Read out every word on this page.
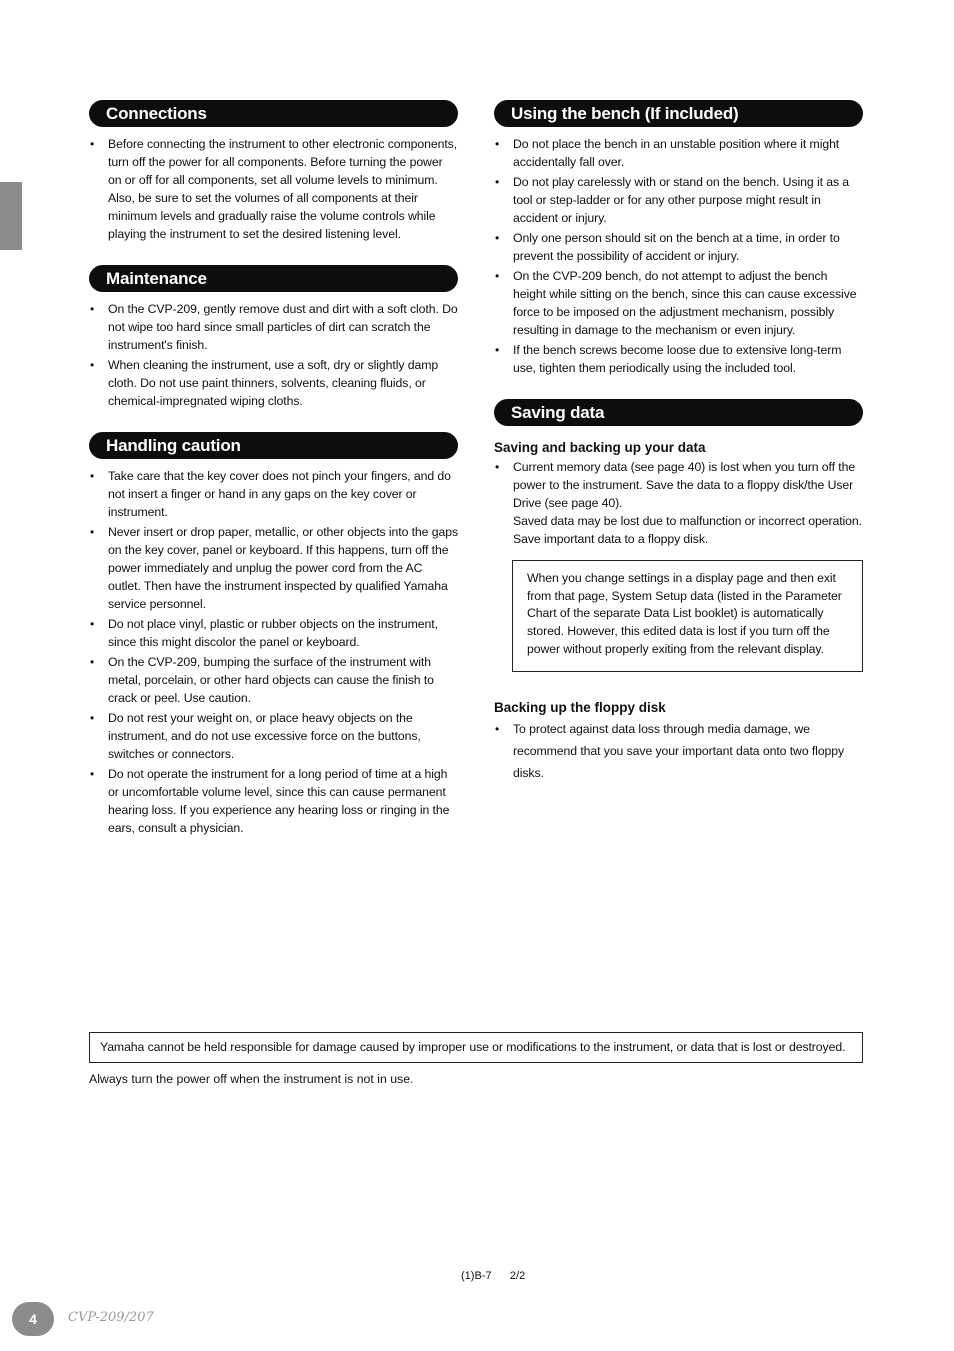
Connections
• Before connecting the instrument to other electronic components, turn off the power for all components. Before turning the power on or off for all components, set all volume levels to minimum. Also, be sure to set the volumes of all components at their minimum levels and gradually raise the volume controls while playing the instrument to set the desired listening level.
Maintenance
• On the CVP-209, gently remove dust and dirt with a soft cloth. Do not wipe too hard since small particles of dirt can scratch the instrument's finish.
• When cleaning the instrument, use a soft, dry or slightly damp cloth. Do not use paint thinners, solvents, cleaning fluids, or chemical-impregnated wiping cloths.
Handling caution
• Take care that the key cover does not pinch your fingers, and do not insert a finger or hand in any gaps on the key cover or instrument.
• Never insert or drop paper, metallic, or other objects into the gaps on the key cover, panel or keyboard. If this happens, turn off the power immediately and unplug the power cord from the AC outlet. Then have the instrument inspected by qualified Yamaha service personnel.
• Do not place vinyl, plastic or rubber objects on the instrument, since this might discolor the panel or keyboard.
• On the CVP-209, bumping the surface of the instrument with metal, porcelain, or other hard objects can cause the finish to crack or peel. Use caution.
• Do not rest your weight on, or place heavy objects on the instrument, and do not use excessive force on the buttons, switches or connectors.
• Do not operate the instrument for a long period of time at a high or uncomfortable volume level, since this can cause permanent hearing loss. If you experience any hearing loss or ringing in the ears, consult a physician.
Using the bench (If included)
• Do not place the bench in an unstable position where it might accidentally fall over.
• Do not play carelessly with or stand on the bench. Using it as a tool or step-ladder or for any other purpose might result in accident or injury.
• Only one person should sit on the bench at a time, in order to prevent the possibility of accident or injury.
• On the CVP-209 bench, do not attempt to adjust the bench height while sitting on the bench, since this can cause excessive force to be imposed on the adjustment mechanism, possibly resulting in damage to the mechanism or even injury.
• If the bench screws become loose due to extensive long-term use, tighten them periodically using the included tool.
Saving data
Saving and backing up your data
• Current memory data (see page 40) is lost when you turn off the power to the instrument. Save the data to a floppy disk/the User Drive (see page 40).
Saved data may be lost due to malfunction or incorrect operation. Save important data to a floppy disk.
When you change settings in a display page and then exit from that page, System Setup data (listed in the Parameter Chart of the separate Data List booklet) is automatically stored. However, this edited data is lost if you turn off the power without properly exiting from the relevant display.
Backing up the floppy disk
• To protect against data loss through media damage, we recommend that you save your important data onto two floppy disks.
Yamaha cannot be held responsible for damage caused by improper use or modifications to the instrument, or data that is lost or destroyed.
Always turn the power off when the instrument is not in use.
(1)B-7      2/2
4	CVP-209/207
